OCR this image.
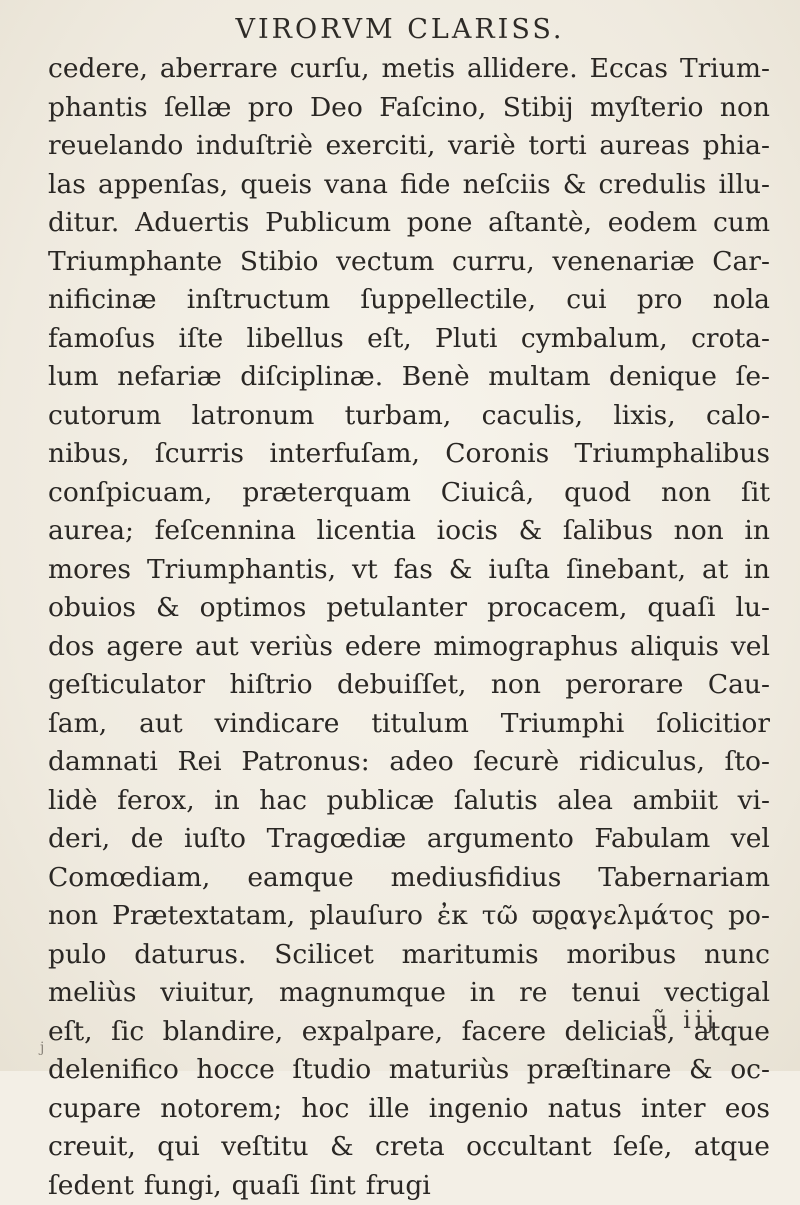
VIRORVM CLARISS.
cedere, aberrare curſu, metis allidere. Eccas Trium-
phantis ſellæ pro Deo Faſcino, Stibij myſterio non
reuelando induſtriè exerciti, variè torti aureas phia-
las appenſas, queis vana fide neſciis & credulis illu-
ditur. Aduertis Publicum pone aſtantè, eodem cum
Triumphante Stibio vectum curru, venenariæ Car-
nificinæ inſtructum ſuppellectile, cui pro nola
famoſus iſte libellus eſt, Pluti cymbalum, crota-
lum nefariæ diſciplinæ. Benè multam denique ſe-
cutorum latronum turbam, caculis, lixis, calo-
nibus, ſcurris interfuſam, Coronis Triumphalibus
conſpicuam, præterquam Ciuicâ, quod non ſit
aurea; feſcennina licentia iocis & ſalibus non in
mores Triumphantis, vt fas & iuſta ſinebant, at in
obuios & optimos petulanter procacem, quaſi lu-
dos agere aut veriùs edere mimographus aliquis vel
geſticulator hiſtrio debuiſſet, non perorare Cau-
ſam, aut vindicare titulum Triumphi ſolicitior
damnati Rei Patronus: adeo ſecurè ridiculus, ſto-
lidè ferox, in hac publicæ ſalutis alea ambiit vi-
deri, de iuſto Tragœdiæ argumento Fabulam vel
Comœdiam, eamque mediusfidius Tabernariam
non Prætextatam, plauſuro ἐκ τῶ ϖϱαγελμάτος po-
pulo daturus. Scilicet maritumis moribus nunc
meliùs viuitur, magnumque in re tenui vectigal
eſt, ſic blandire, expalpare, facere delicias, atque
delenifico hocce ſtudio maturiùs præſtinare & oc-
cupare notorem; hoc ille ingenio natus inter eos
creuit, qui veſtitu & creta occultant ſeſe, atque
ſedent fungi, quaſi ſint frugi
ũ iij
j
